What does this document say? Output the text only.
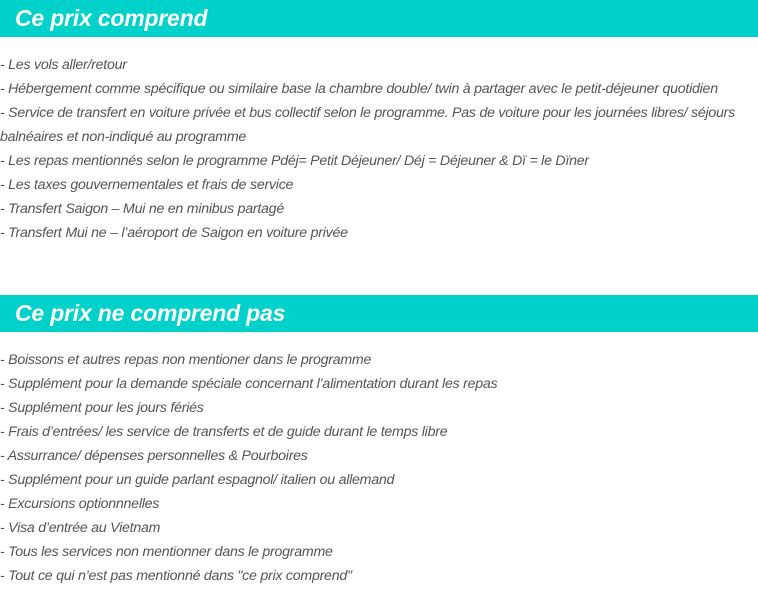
Ce prix comprend
- Les vols aller/retour
- Hébergement comme spécifique ou similaire base la chambre double/ twin à partager avec le petit-déjeuner quotidien
- Service de transfert en voiture privée et bus collectif selon le programme. Pas de voiture pour les journées libres/ séjours balnéaires et non-indiqué au programme
- Les repas mentionnés selon le programme Pdéj= Petit Déjeuner/ Déj = Déjeuner & Dï = le Dïner
- Les taxes gouvernementales et frais de service
- Transfert Saigon – Mui ne en minibus partagé
- Transfert Mui ne – l’aéroport de Saigon en voiture privée
Ce prix ne comprend pas
- Boissons et autres repas non mentioner dans le programme
- Supplément pour la demande spéciale concernant l’alimentation durant les repas
- Supplément pour les jours fériés
- Frais d’entrées/ les service de transferts et de guide durant le temps libre
- Assurrance/ dépenses personnelles & Pourboires
- Supplément pour un guide parlant espagnol/ italien ou allemand
- Excursions optionnnelles
- Visa d’entrée au Vietnam
- Tous les services non mentionner dans le programme
- Tout ce qui n’est pas mentionné dans "ce prix comprend"
